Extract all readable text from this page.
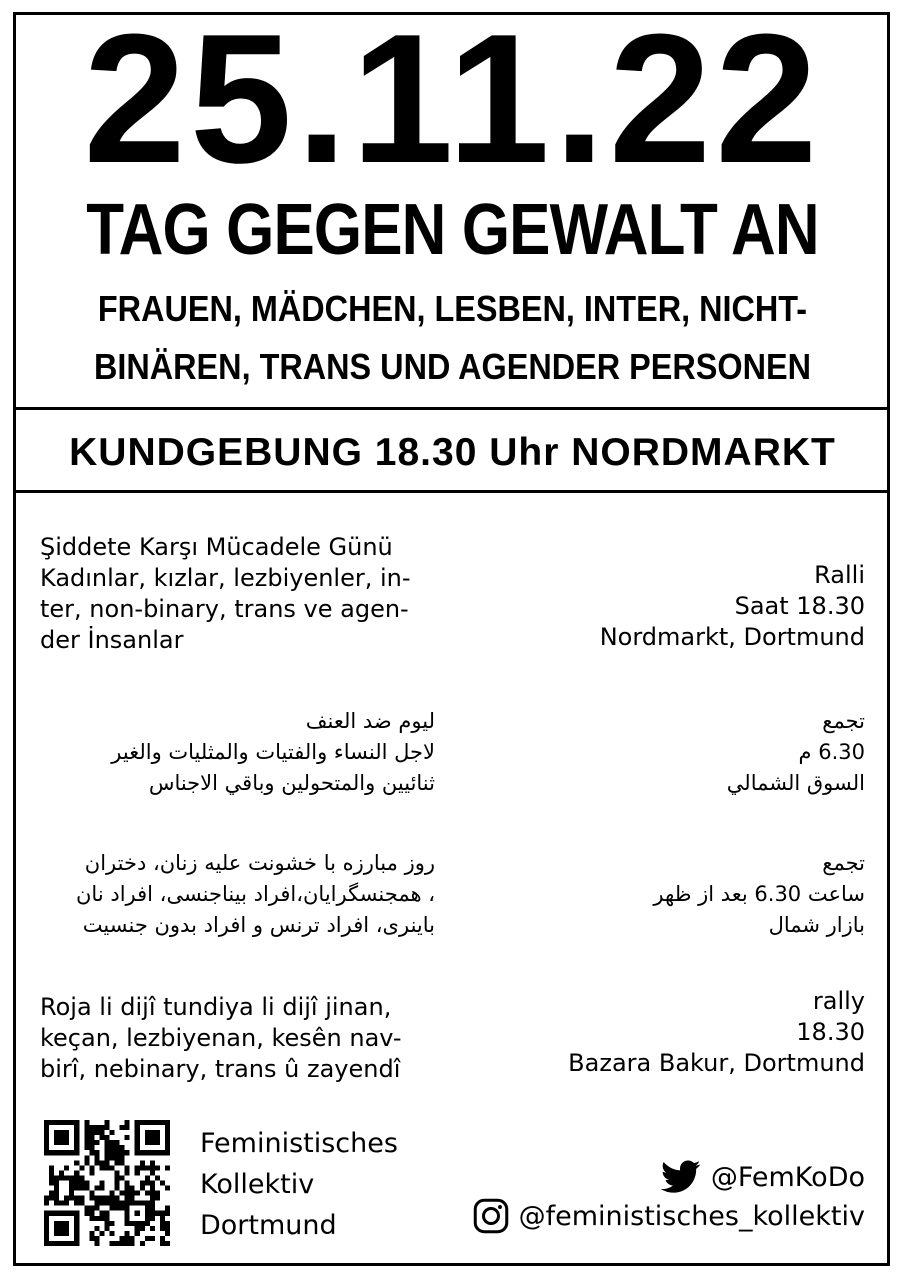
25.11.22
TAG GEGEN GEWALT AN
FRAUEN, MÄDCHEN, LESBEN, INTER, NICHT-
BINÄREN, TRANS UND AGENDER PERSONEN
KUNDGEBUNG 18.30 Uhr NORDMARKT
Şiddete Karşı Mücadele Günü
Kadınlar, kızlar, lezbiyenler, in-
ter, non-binary, trans ve agen-
der İnsanlar
Ralli
Saat 18.30
Nordmarkt, Dortmund
ليوم ضد العنف
لاجل النساء والفتيات والمثليات والغير
ثنائيين والمتحولين وباقي الاجناس
تجمع
6.30 م
السوق الشمالي
روز مبارزه با خشونت علیه زنان، دختران
، همجنسگرایان،افراد بیناجنسی، افراد نان
باینری، افراد ترنس و افراد بدون جنسیت
تجمع
ساعت 6.30 بعد از ظهر
بازار شمال
Roja li dijî tundiya li dijî jinan,
keçan, lezbiyenan, kesên nav-
birî, nebinary, trans û zayendî
rally
18.30
Bazara Bakur, Dortmund
Feministisches
Kollektiv
Dortmund
@FemKoDo
@feministisches_kollektiv
